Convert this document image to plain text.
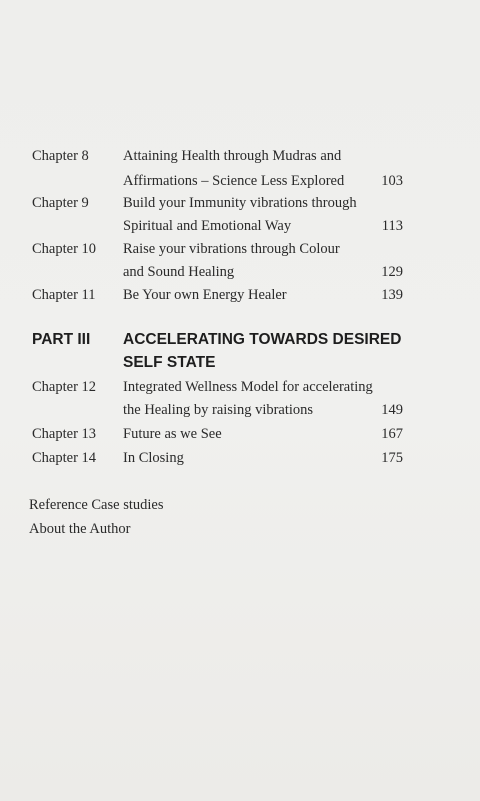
Chapter 8 Attaining Health through Mudras and
Affirmations – Science Less Explored	103
Chapter 9 Build your Immunity vibrations through
Spiritual and Emotional Way	113
Chapter 10 Raise your vibrations through Colour
and Sound Healing	129
Chapter 11 Be Your own Energy Healer	139
PART III ACCELERATING TOWARDS DESIRED
SELF STATE
Chapter 12 Integrated Wellness Model for accelerating
the Healing by raising vibrations	149
Chapter 13 Future as we See	167
Chapter 14 In Closing	175
Reference Case studies
About the Author
